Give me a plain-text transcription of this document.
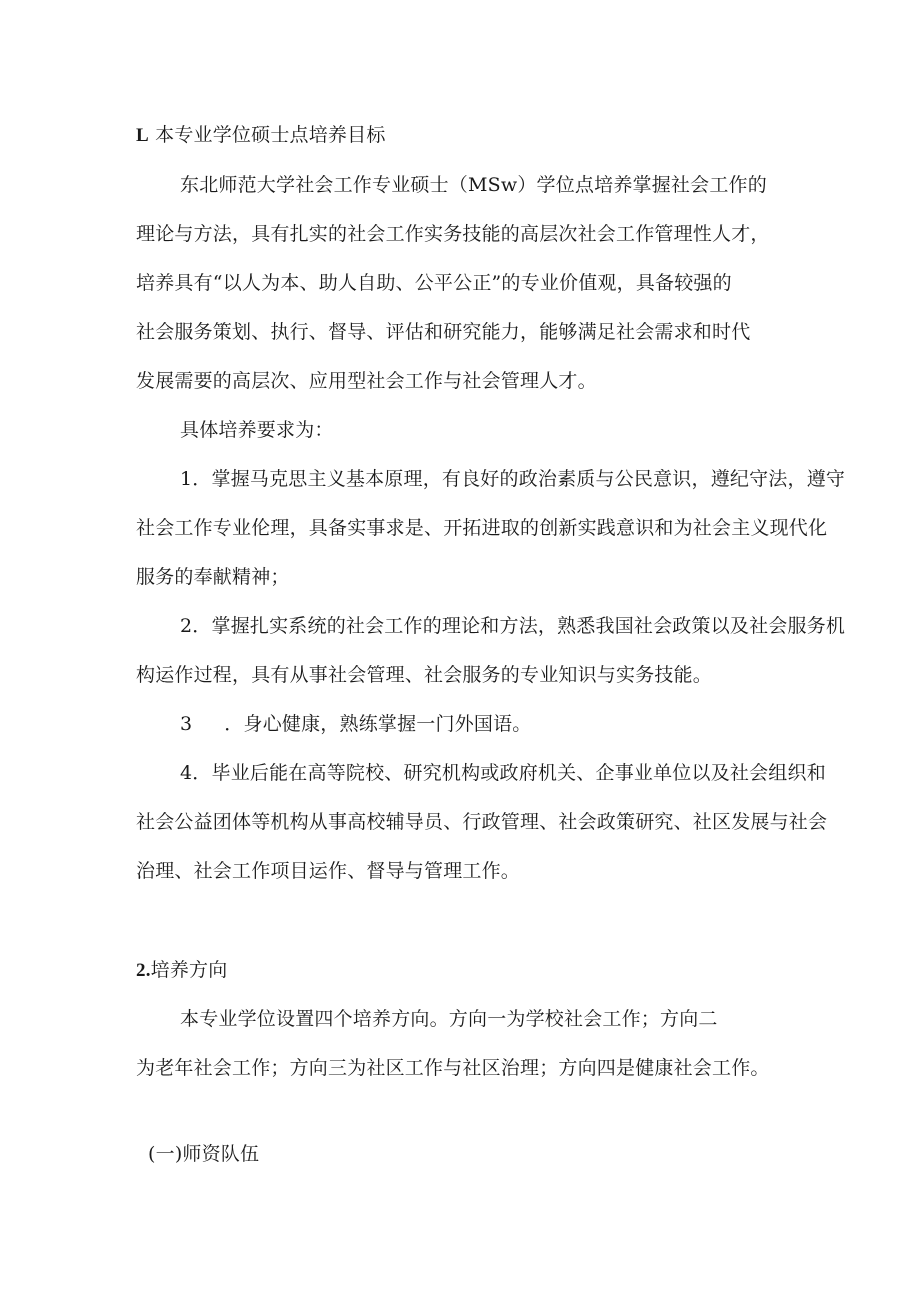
L 本专业学位硕士点培养目标
东北师范大学社会工作专业硕士（MSw）学位点培养掌握社会工作的
理论与方法，具有扎实的社会工作实务技能的高层次社会工作管理性人才，
培养具有“以人为本、助人自助、公平公正”的专业价值观，具备较强的
社会服务策划、执行、督导、评估和研究能力，能够满足社会需求和时代
发展需要的高层次、应用型社会工作与社会管理人才。
具体培养要求为：
1．掌握马克思主义基本原理，有良好的政治素质与公民意识，遵纪守法，遵守
社会工作专业伦理，具备实事求是、开拓进取的创新实践意识和为社会主义现代化
服务的奉献精神；
2．掌握扎实系统的社会工作的理论和方法，熟悉我国社会政策以及社会服务机
构运作过程，具有从事社会管理、社会服务的专业知识与实务技能。
3 ．身心健康，熟练掌握一门外国语。
4．毕业后能在高等院校、研究机构或政府机关、企事业单位以及社会组织和
社会公益团体等机构从事高校辅导员、行政管理、社会政策研究、社区发展与社会
治理、社会工作项目运作、督导与管理工作。
2.培养方向
本专业学位设置四个培养方向。方向一为学校社会工作；方向二
为老年社会工作；方向三为社区工作与社区治理；方向四是健康社会工作。
(一)师资队伍
